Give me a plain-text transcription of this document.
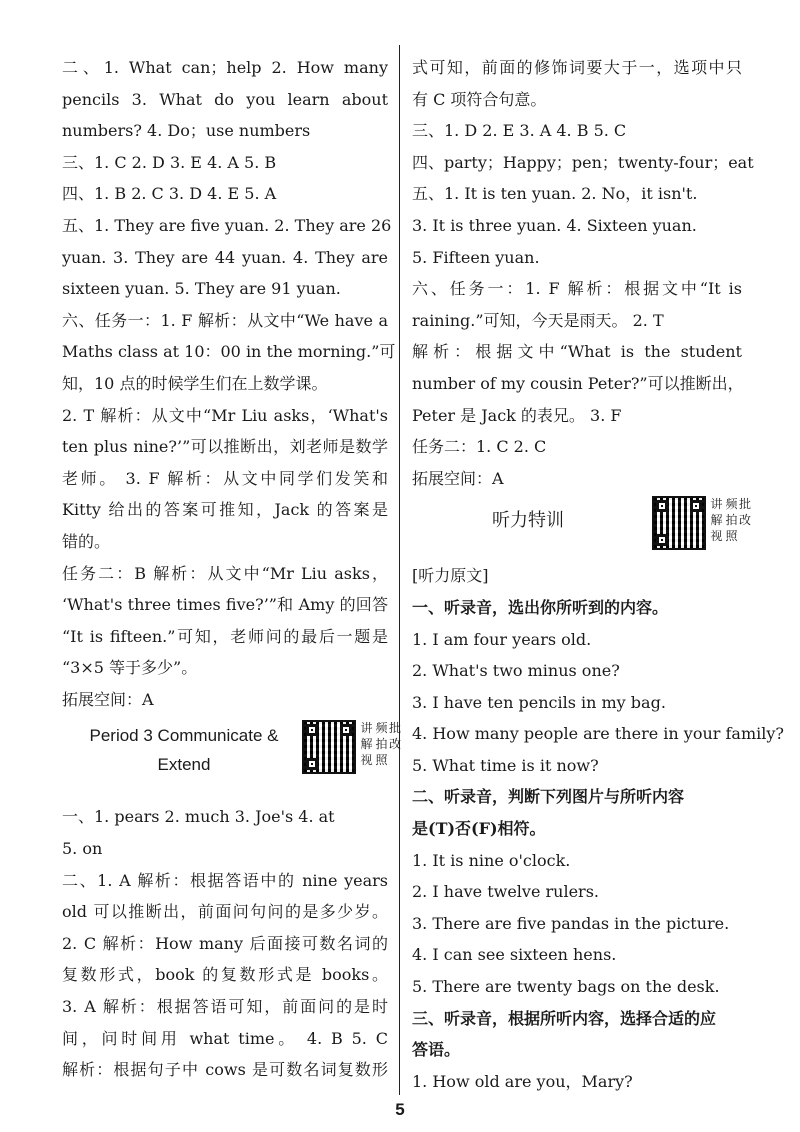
二、1. What can；help 2. How many
pencils 3. What do you learn about
numbers? 4. Do；use numbers
三、1. C 2. D 3. E 4. A 5. B
四、1. B 2. C 3. D 4. E 5. A
五、1. They are five yuan. 2. They are 26
yuan. 3. They are 44 yuan. 4. They are
sixteen yuan. 5. They are 91 yuan.
六、任务一：1. F 解析：从文中“We have a
Maths class at 10：00 in the morning.”可
知，10 点的时候学生们在上数学课。
2. T 解析：从文中“Mr Liu asks，‘What's
ten plus nine?’”可以推断出，刘老师是数学
老师。 3. F 解析：从文中同学们发笑和
Kitty 给出的答案可推知，Jack 的答案是
错的。
任务二：B 解析：从文中“Mr Liu asks，
‘What's three times five?’”和 Amy 的回答
“It is fifteen.”可知，老师问的最后一题是
“3×5 等于多少”。
拓展空间：A
Period 3 Communicate &
Extend
讲
解
视
频
拍
照
批
改
一、1. pears 2. much 3. Joe's 4. at
5. on
二、1. A 解析：根据答语中的 nine years
old 可以推断出，前面问句问的是多少岁。
2. C 解析：How many 后面接可数名词的
复数形式，book 的复数形式是 books。
3. A 解析：根据答语可知，前面问的是时
间，问时间用 what time。 4. B 5. C
解析：根据句子中 cows 是可数名词复数形
式可知，前面的修饰词要大于一，选项中只
有 C 项符合句意。
三、1. D 2. E 3. A 4. B 5. C
四、party；Happy；pen；twenty-four；eat
五、1. It is ten yuan. 2. No，it isn't.
3. It is three yuan. 4. Sixteen yuan.
5. Fifteen yuan.
六、任务一：1. F 解析：根据文中“It is
raining.”可知，今天是雨天。 2. T
解析：根据文中“What is the student
number of my cousin Peter?”可以推断出，
Peter 是 Jack 的表兄。 3. F
任务二：1. C 2. C
拓展空间：A
听力特训
讲
解
视
频
拍
照
批
改
[听力原文]
一、听录音，选出你所听到的内容。
1. I am four years old.
2. What's two minus one?
3. I have ten pencils in my bag.
4. How many people are there in your family?
5. What time is it now?
二、听录音，判断下列图片与所听内容
是(T)否(F)相符。
1. It is nine o'clock.
2. I have twelve rulers.
3. There are five pandas in the picture.
4. I can see sixteen hens.
5. There are twenty bags on the desk.
三、听录音，根据所听内容，选择合适的应
答语。
1. How old are you，Mary?
5
